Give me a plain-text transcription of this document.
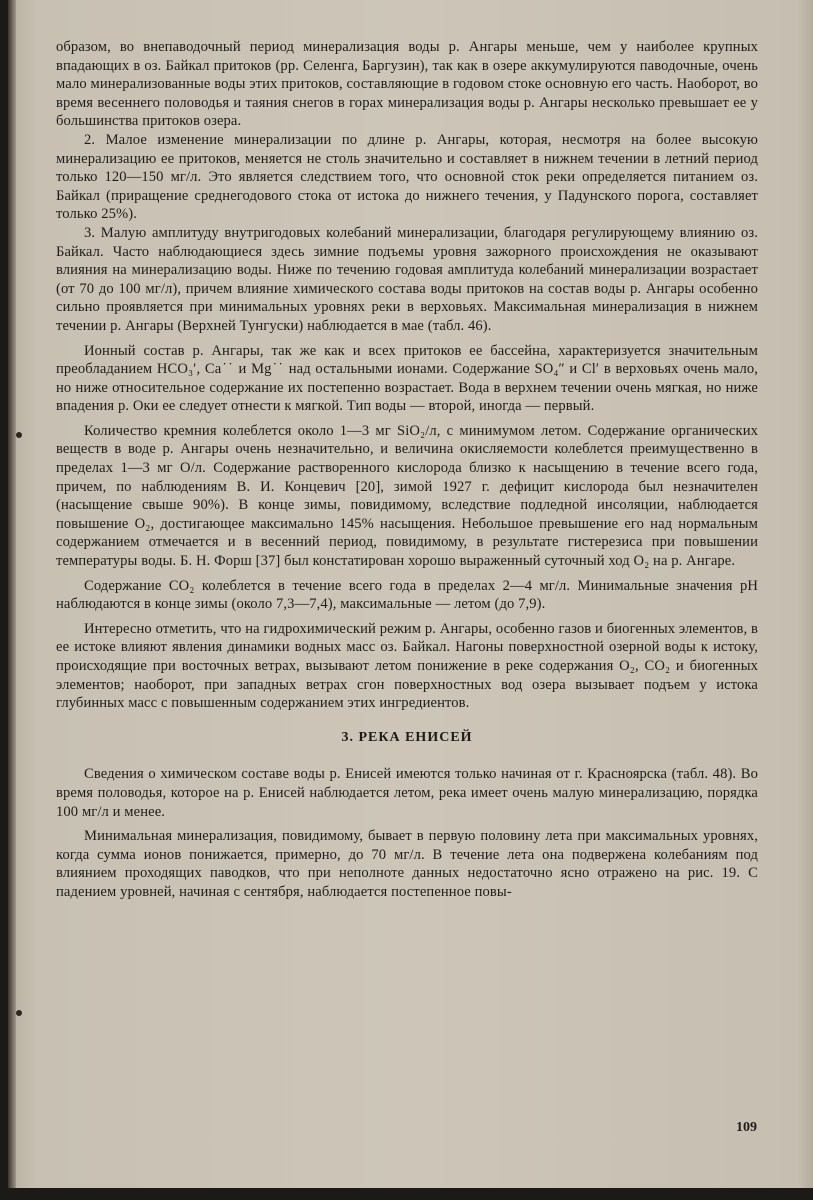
образом, во внепаводочный период минерализация воды р. Ангары меньше, чем у наиболее крупных впадающих в оз. Байкал притоков (рр. Селенга, Баргузин), так как в озере аккумулируются паводочные, очень мало минерализованные воды этих притоков, составляющие в годовом стоке основную его часть. Наоборот, во время весеннего половодья и таяния снегов в горах минерализация воды р. Ангары несколько превышает ее у большинства притоков озера.

2. Малое изменение минерализации по длине р. Ангары, которая, несмотря на более высокую минерализацию ее притоков, меняется не столь значительно и составляет в нижнем течении в летний период только 120—150 мг/л. Это является следствием того, что основной сток реки определяется питанием оз. Байкал (приращение среднегодового стока от истока до нижнего течения, у Падунского порога, составляет только 25%).

3. Малую амплитуду внутригодовых колебаний минерализации, благодаря регулирующему влиянию оз. Байкал. Часто наблюдающиеся здесь зимние подъемы уровня зажорного происхождения не оказывают влияния на минерализацию воды. Ниже по течению годовая амплитуда колебаний минерализации возрастает (от 70 до 100 мг/л), причем влияние химического состава воды притоков на состав воды р. Ангары особенно сильно проявляется при минимальных уровнях реки в верховьях. Максимальная минерализация в нижнем течении р. Ангары (Верхней Тунгуски) наблюдается в мае (табл. 46).

Ионный состав р. Ангары, так же как и всех притоков ее бассейна, характеризуется значительным преобладанием HCO₃′, Ca˙˙ и Mg˙˙ над остальными ионами. Содержание SO₄″ и Cl′ в верховьях очень мало, но ниже относительное содержание их постепенно возрастает. Вода в верхнем течении очень мягкая, но ниже впадения р. Оки ее следует отнести к мягкой. Тип воды — второй, иногда — первый.

Количество кремния колеблется около 1—3 мг SiO₂/л, с минимумом летом. Содержание органических веществ в воде р. Ангары очень незначительно, и величина окисляемости колеблется преимущественно в пределах 1—3 мг О/л. Содержание растворенного кислорода близко к насыщению в течение всего года, причем, по наблюдениям В. И. Концевич [20], зимой 1927 г. дефицит кислорода был незначителен (насыщение свыше 90%). В конце зимы, повидимому, вследствие подледной инсоляции, наблюдается повышение O₂, достигающее максимально 145% насыщения. Небольшое превышение его над нормальным содержанием отмечается и в весенний период, повидимому, в результате гистерезиса при повышении температуры воды. Б. Н. Форш [37] был констатирован хорошо выраженный суточный ход O₂ на р. Ангаре.

Содержание CO₂ колеблется в течение всего года в пределах 2—4 мг/л. Минимальные значения pH наблюдаются в конце зимы (около 7,3—7,4), максимальные — летом (до 7,9).

Интересно отметить, что на гидрохимический режим р. Ангары, особенно газов и биогенных элементов, в ее истоке влияют явления динамики водных масс оз. Байкал. Нагоны поверхностной озерной воды к истоку, происходящие при восточных ветрах, вызывают летом понижение в реке содержания O₂, CO₂ и биогенных элементов; наоборот, при западных ветрах сгон поверхностных вод озера вызывает подъем у истока глубинных масс с повышенным содержанием этих ингредиентов.

3. РЕКА ЕНИСЕЙ

Сведения о химическом составе воды р. Енисей имеются только начиная от г. Красноярска (табл. 48). Во время половодья, которое на р. Енисей наблюдается летом, река имеет очень малую минерализацию, порядка 100 мг/л и менее.

Минимальная минерализация, повидимому, бывает в первую половину лета при максимальных уровнях, когда сумма ионов понижается, примерно, до 70 мг/л. В течение лета она подвержена колебаниям под влиянием проходящих паводков, что при неполноте данных недостаточно ясно отражено на рис. 19. С падением уровней, начиная с сентября, наблюдается постепенное повы-

109
